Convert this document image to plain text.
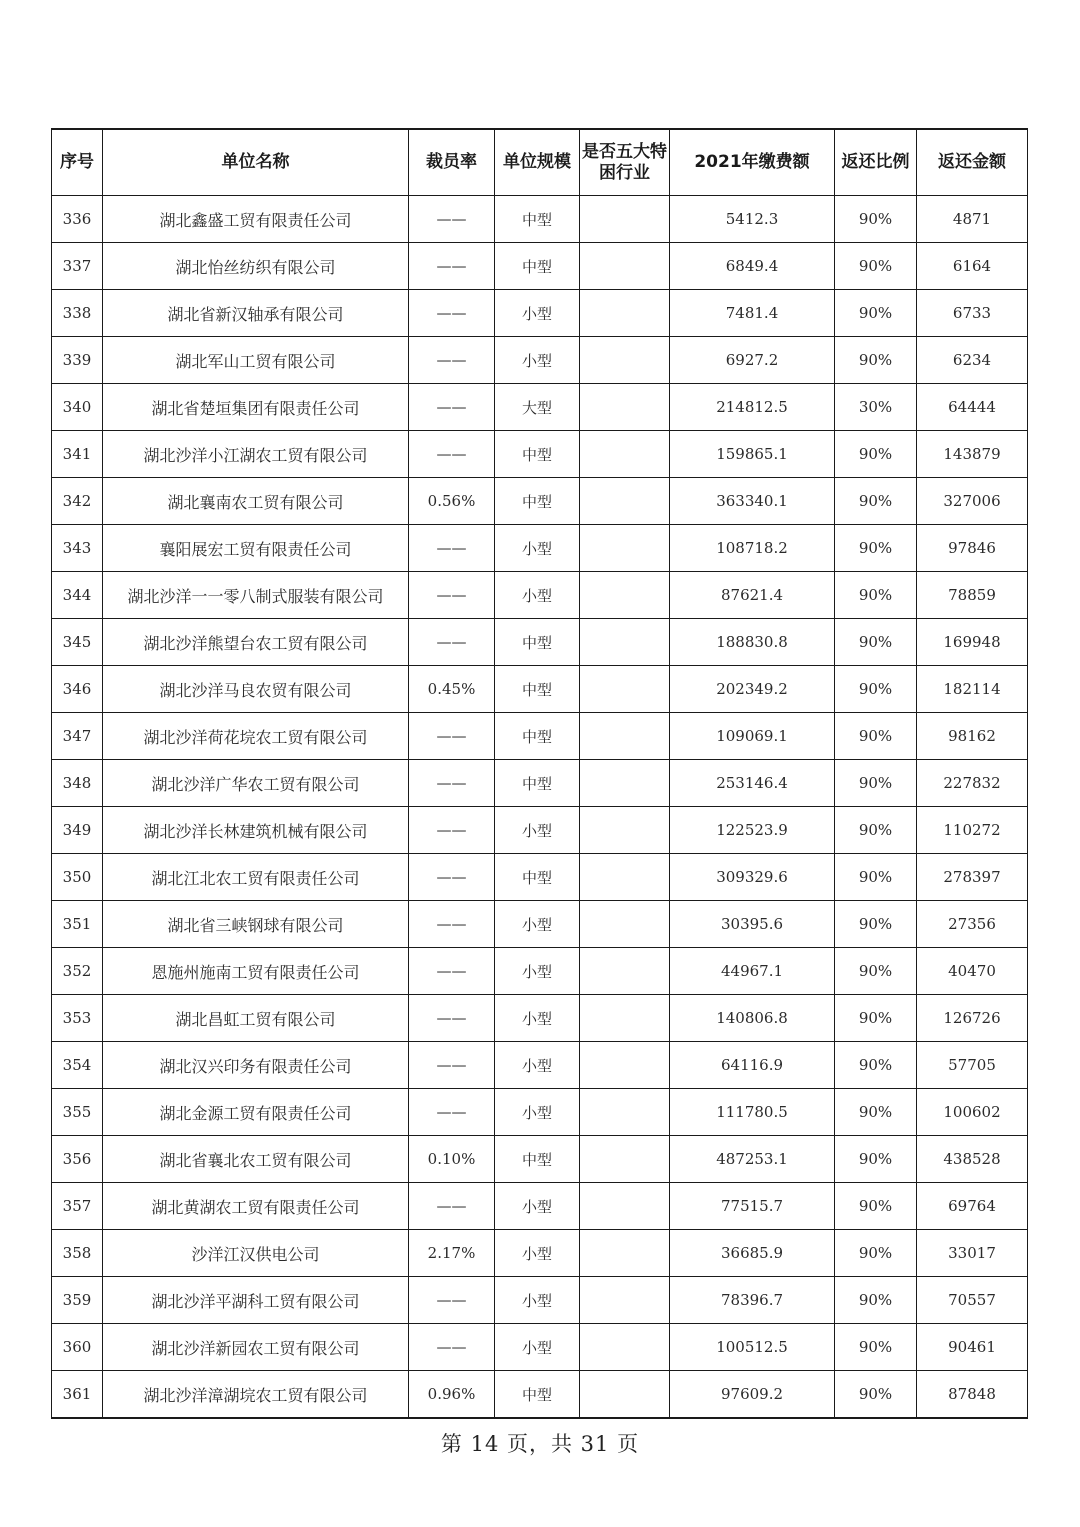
序号	单位名称	裁员率	单位规模	是否五大特困行业	2021年缴费额	返还比例	返还金额
336	湖北鑫盛工贸有限责任公司	——	中型		5412.3	90%	4871
337	湖北怡丝纺织有限公司	——	中型		6849.4	90%	6164
338	湖北省新汉轴承有限公司	——	小型		7481.4	90%	6733
339	湖北军山工贸有限公司	——	小型		6927.2	90%	6234
340	湖北省楚垣集团有限责任公司	——	大型		214812.5	30%	64444
341	湖北沙洋小江湖农工贸有限公司	——	中型		159865.1	90%	143879
342	湖北襄南农工贸有限公司	0.56%	中型		363340.1	90%	327006
343	襄阳展宏工贸有限责任公司	——	小型		108718.2	90%	97846
344	湖北沙洋一一零八制式服装有限公司	——	小型		87621.4	90%	78859
345	湖北沙洋熊望台农工贸有限公司	——	中型		188830.8	90%	169948
346	湖北沙洋马良农贸有限公司	0.45%	中型		202349.2	90%	182114
347	湖北沙洋荷花垸农工贸有限公司	——	中型		109069.1	90%	98162
348	湖北沙洋广华农工贸有限公司	——	中型		253146.4	90%	227832
349	湖北沙洋长林建筑机械有限公司	——	小型		122523.9	90%	110272
350	湖北江北农工贸有限责任公司	——	中型		309329.6	90%	278397
351	湖北省三峡钢球有限公司	——	小型		30395.6	90%	27356
352	恩施州施南工贸有限责任公司	——	小型		44967.1	90%	40470
353	湖北昌虹工贸有限公司	——	小型		140806.8	90%	126726
354	湖北汉兴印务有限责任公司	——	小型		64116.9	90%	57705
355	湖北金源工贸有限责任公司	——	小型		111780.5	90%	100602
356	湖北省襄北农工贸有限公司	0.10%	中型		487253.1	90%	438528
357	湖北黄湖农工贸有限责任公司	——	小型		77515.7	90%	69764
358	沙洋江汉供电公司	2.17%	小型		36685.9	90%	33017
359	湖北沙洋平湖科工贸有限公司	——	小型		78396.7	90%	70557
360	湖北沙洋新园农工贸有限公司	——	小型		100512.5	90%	90461
361	湖北沙洋漳湖垸农工贸有限公司	0.96%	中型		97609.2	90%	87848
第 14 页，共 31 页
